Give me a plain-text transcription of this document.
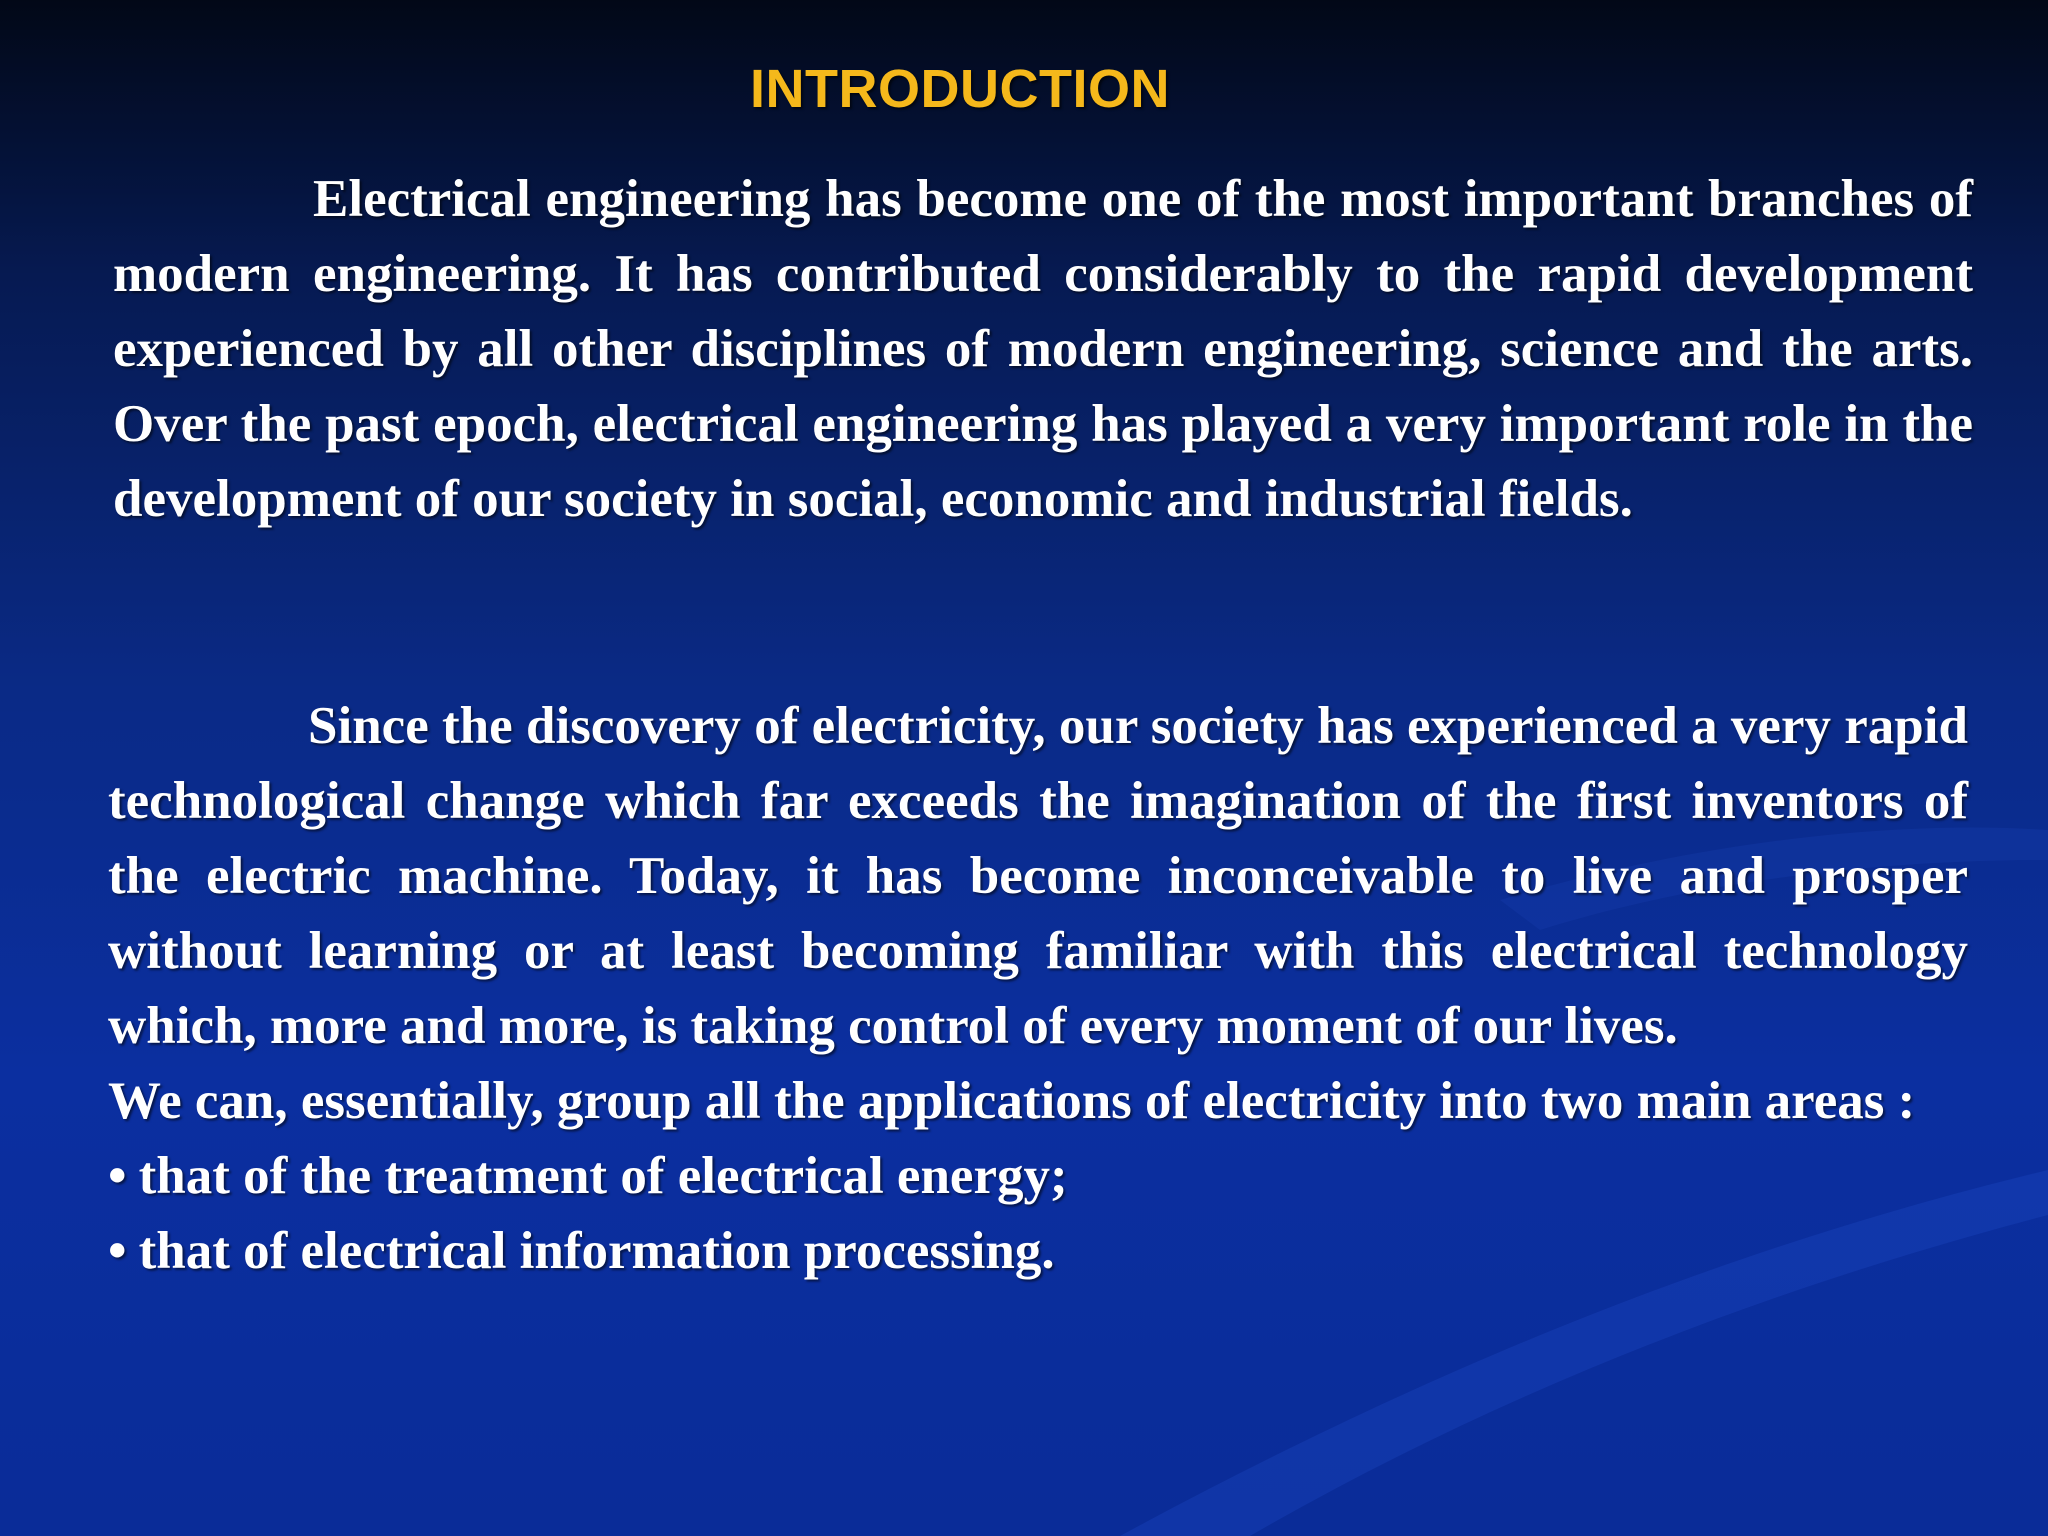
INTRODUCTION
Electrical engineering has become one of the most important branches of modern engineering. It has contributed considerably to the rapid development experienced by all other disciplines of modern engineering, science and the arts. Over the past epoch, electrical engineering has played a very important role in the development of our society in social, economic and industrial fields.
Since the discovery of electricity, our society has experienced a very rapid technological change which far exceeds the imagination of the first inventors of the electric machine. Today, it has become inconceivable to live and prosper without learning or at least becoming familiar with this electrical technology which, more and more, is taking control of every moment of our lives.
We can, essentially, group all the applications of electricity into two main areas :
• that of the treatment of electrical energy;
• that of electrical information processing.
